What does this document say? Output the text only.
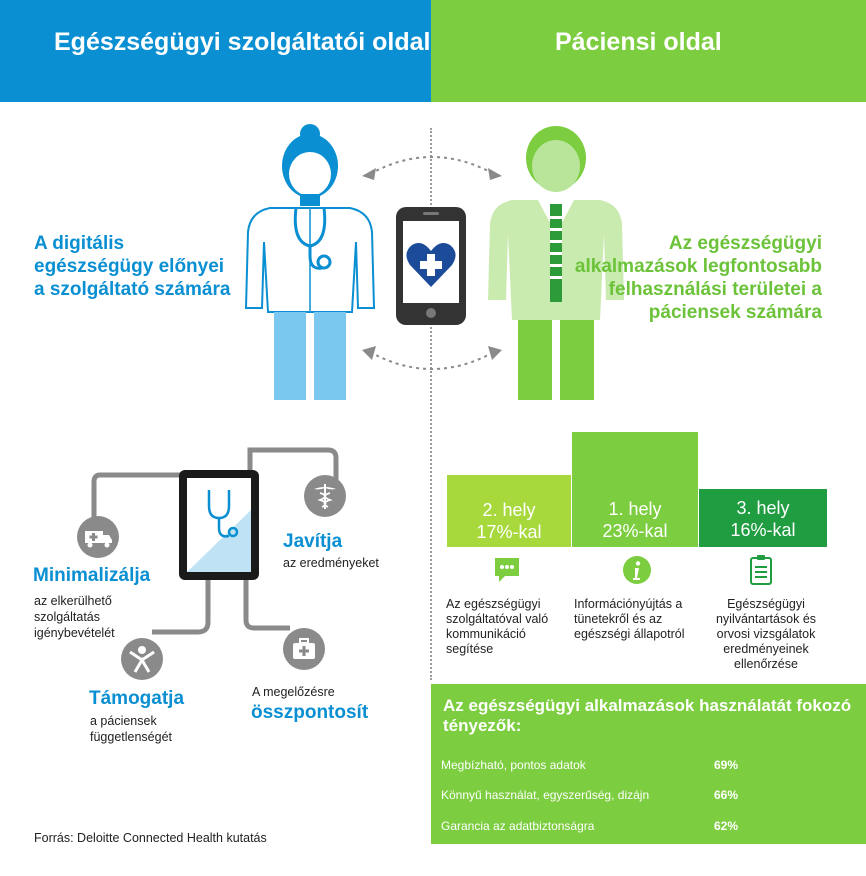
Egészségügyi szolgáltatói oldal	Páciensi oldal
A digitális egészségügy előnyei a szolgáltató számára
Az egészségügyi alkalmazások legfontosabb felhasználási területei a páciensek számára
Minimalizálja
az elkerülhető szolgáltatás igénybevételét
Javítja
az eredményeket
Támogatja
a páciensek függetlenségét
A megelőzésre
összpontosít
2. hely
17%-kal
1. hely
23%-kal
3. hely
16%-kal
Az egészségügyi szolgáltatóval való kommunikáció segítése
Információnyújtás a tünetekről és az egészségi állapotról
Egészségügyi nyilvántartások és orvosi vizsgálatok eredményeinek ellenőrzése
Az egészségügyi alkalmazások használatát fokozó tényezők:
Megbízható, pontos adatok	69%
Könnyű használat, egyszerűség, dizájn	66%
Garancia az adatbiztonságra	62%
Forrás: Deloitte Connected Health kutatás
